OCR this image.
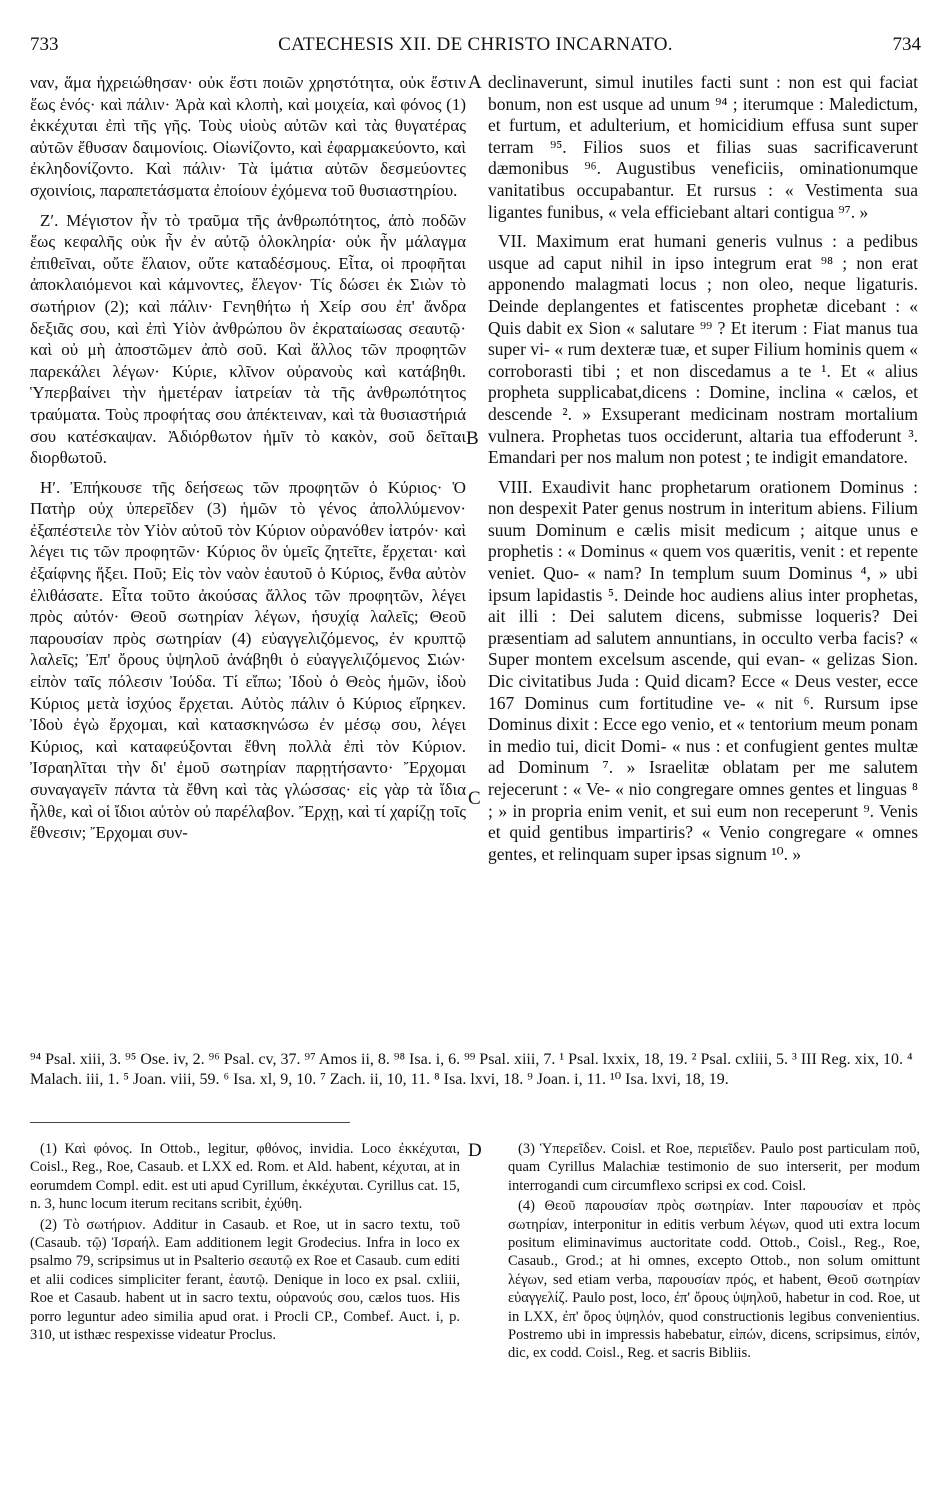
733	CATECHESIS XII. DE CHRISTO INCARNATO.	734
A
B
C
D

ναν, ἅμα ἠχρειώθησαν· οὐκ ἔστι ποιῶν χρηστότητα, οὐκ ἔστιν ἕως ἑνός· καὶ πάλιν· Ἀρὰ καὶ κλοπὴ, καὶ μοιχεία, καὶ φόνος (1) ἐκκέχυται ἐπὶ τῆς γῆς. Τοὺς υἱοὺς αὐτῶν καὶ τὰς θυγατέρας αὐτῶν ἔθυσαν δαιμονίοις. Οἰωνίζοντο, καὶ ἐφαρμακεύοντο, καὶ ἐκληδονίζοντο. Καὶ πάλιν· Τὰ ἱμάτια αὐτῶν δεσμεύοντες σχοινίοις, παραπετάσματα ἐποίουν ἐχόμενα τοῦ θυσιαστηρίου.

Ζʹ. Μέγιστον ἦν τὸ τραῦμα τῆς ἀνθρωπότητος, ἀπὸ ποδῶν ἕως κεφαλῆς οὐκ ἦν ἐν αὐτῷ ὁλοκληρία· οὐκ ἦν μάλαγμα ἐπιθεῖναι, οὔτε ἔλαιον, οὔτε καταδέσμους. Εἶτα, οἱ προφῆται ἀποκλαιόμενοι καὶ κάμνοντες, ἔλεγον· Τίς δώσει ἐκ Σιὼν τὸ σωτήριον (2); καὶ πάλιν· Γενηθήτω ἡ Χείρ σου ἐπ' ἄνδρα δεξιᾶς σου, καὶ ἐπὶ Υἱὸν ἀνθρώπου ὃν ἐκραταίωσας σεαυτῷ· καὶ οὐ μὴ ἀποστῶμεν ἀπὸ σοῦ. Καὶ ἄλλος τῶν προφητῶν παρεκάλει λέγων· Κύριε, κλῖνον οὐρανοὺς καὶ κατάβηθι. Ὑπερβαίνει τὴν ἡμετέραν ἰατρείαν τὰ τῆς ἀνθρωπότητος τραύματα. Τοὺς προφήτας σου ἀπέκτειναν, καὶ τὰ θυσιαστήριά σου κατέσκαψαν. Ἀδιόρθωτον ἡμῖν τὸ κακὸν, σοῦ δεῖται διορθωτοῦ.

Ηʹ. Ἐπήκουσε τῆς δεήσεως τῶν προφητῶν ὁ Κύριος· Ὁ Πατὴρ οὐχ ὑπερεῖδεν (3) ἡμῶν τὸ γένος ἀπολλύμενον· ἐξαπέστειλε τὸν Υἱὸν αὐτοῦ τὸν Κύριον οὐρανόθεν ἰατρόν· καὶ λέγει τις τῶν προφητῶν· Κύριος ὃν ὑμεῖς ζητεῖτε, ἔρχεται· καὶ ἐξαίφνης ἥξει. Ποῦ; Εἰς τὸν ναὸν ἑαυτοῦ ὁ Κύριος, ἔνθα αὐτὸν ἐλιθάσατε. Εἶτα τοῦτο ἀκούσας ἄλλος τῶν προφητῶν, λέγει πρὸς αὐτόν· Θεοῦ σωτηρίαν λέγων, ἡσυχίᾳ λαλεῖς; Θεοῦ παρουσίαν πρὸς σωτηρίαν (4) εὐαγγελιζόμενος, ἐν κρυπτῷ λαλεῖς; Ἐπ' ὄρους ὑψηλοῦ ἀνάβηθι ὁ εὐαγγελιζόμενος Σιών· εἰπὸν ταῖς πόλεσιν Ἰούδα. Τί εἴπω; Ἰδοὺ ὁ Θεὸς ἡμῶν, ἰδοὺ Κύριος μετὰ ἰσχύος ἔρχεται. Αὐτὸς πάλιν ὁ Κύριος εἴρηκεν. Ἰδοὺ ἐγὼ ἔρχομαι, καὶ κατασκηνώσω ἐν μέσῳ σου, λέγει Κύριος, καὶ καταφεύξονται ἔθνη πολλὰ ἐπὶ τὸν Κύριον. Ἰσραηλῖται τὴν δι' ἐμοῦ σωτηρίαν παρῃτήσαντο· Ἔρχομαι συναγαγεῖν πάντα τὰ ἔθνη καὶ τὰς γλώσσας· εἰς γὰρ τὰ ἴδια ἦλθε, καὶ οἱ ἴδιοι αὐτὸν οὐ παρέλαβον. Ἔρχῃ, καὶ τί χαρίζῃ τοῖς ἔθνεσιν; Ἔρχομαι συν-

declinaverunt, simul inutiles facti sunt : non est qui faciat bonum, non est usque ad unum ⁹⁴ ; iterumque : Maledictum, et furtum, et adulterium, et homicidium effusa sunt super terram ⁹⁵. Filios suos et filias suas sacrificaverunt dæmonibus ⁹⁶. Augustibus veneficiis, ominationumque vanitatibus occupabantur. Et rursus : « Vestimenta sua ligantes funibus, « vela efficiebant altari contigua ⁹⁷. »

VII. Maximum erat humani generis vulnus : a pedibus usque ad caput nihil in ipso integrum erat ⁹⁸ ; non erat apponendo malagmati locus ; non oleo, neque ligaturis. Deinde deplangentes et fatiscentes prophetæ dicebant : « Quis dabit ex Sion « salutare ⁹⁹ ? Et iterum : Fiat manus tua super vi- « rum dexteræ tuæ, et super Filium hominis quem « corroborasti tibi ; et non discedamus a te ¹. Et « alius propheta supplicabat,dicens : Domine, inclina « cælos, et descende ². » Exsuperant medicinam nostram mortalium vulnera. Prophetas tuos occiderunt, altaria tua effoderunt ³. Emandari per nos malum non potest ; te indigit emandatore.

VIII. Exaudivit hanc prophetarum orationem Dominus : non despexit Pater genus nostrum in interitum abiens. Filium suum Dominum e cælis misit medicum ; aitque unus e prophetis : « Dominus « quem vos quæritis, venit : et repente veniet. Quo- « nam? In templum suum Dominus ⁴, » ubi ipsum lapidastis ⁵. Deinde hoc audiens alius inter prophetas, ait illi : Dei salutem dicens, submisse loqueris? Dei præsentiam ad salutem annuntians, in occulto verba facis? « Super montem excelsum ascende, qui evan- « gelizas Sion. Dic civitatibus Juda : Quid dicam? Ecce « Deus vester, ecce 167 Dominus cum fortitudine ve- « nit ⁶. Rursum ipse Dominus dixit : Ecce ego venio, et « tentorium meum ponam in medio tui, dicit Domi- « nus : et confugient gentes multæ ad Dominum ⁷. » Israelitæ oblatam per me salutem rejecerunt : « Ve- « nio congregare omnes gentes et linguas ⁸ ; » in propria enim venit, et sui eum non receperunt ⁹. Venis et quid gentibus impartiris? « Venio congregare « omnes gentes, et relinquam super ipsas signum ¹⁰. »

⁹⁴ Psal. xiii, 3. ⁹⁵ Ose. iv, 2. ⁹⁶ Psal. cv, 37. ⁹⁷ Amos ii, 8. ⁹⁸ Isa. i, 6. ⁹⁹ Psal. xiii, 7. ¹ Psal. lxxix, 18, 19. ² Psal. cxliii, 5. ³ III Reg. xix, 10. ⁴ Malach. iii, 1. ⁵ Joan. viii, 59. ⁶ Isa. xl, 9, 10. ⁷ Zach. ii, 10, 11. ⁸ Isa. lxvi, 18. ⁹ Joan. i, 11. ¹⁰ Isa. lxvi, 18, 19.

(1) Καὶ φόνος. In Ottob., legitur, φθόνος, invidia. Loco ἐκκέχυται, Coisl., Reg., Roe, Casaub. et LXX ed. Rom. et Ald. habent, κέχυται, at in eorumdem Compl. edit. est uti apud Cyrillum, ἐκκέχυται. Cyrillus cat. 15, n. 3, hunc locum iterum recitans scribit, ἐχύθη.

(2) Τὸ σωτήριον. Additur in Casaub. et Roe, ut in sacro textu, τοῦ (Casaub. τῷ) Ἰσραήλ. Eam additionem legit Grodecius. Infra in loco ex psalmo 79, scripsimus ut in Psalterio σεαυτῷ ex Roe et Casaub. cum editi et alii codices simpliciter ferant, ἑαυτῷ. Denique in loco ex psal. cxliii, Roe et Casaub. habent ut in sacro textu, οὐρανούς σου, cælos tuos. His porro leguntur adeo similia apud orat. i Procli CP., Combef. Auct. i, p. 310, ut isthæc respexisse videatur Proclus.

(3) Ὑπερεῖδεν. Coisl. et Roe, περιεῖδεν. Paulo post particulam ποῦ, quam Cyrillus Malachiæ testimonio de suo interserit, per modum interrogandi cum circumflexo scripsi ex cod. Coisl.

(4) Θεοῦ παρουσίαν πρὸς σωτηρίαν. Inter παρουσίαν et πρὸς σωτηρίαν, interponitur in editis verbum λέγων, quod uti extra locum positum eliminavimus auctoritate codd. Ottob., Coisl., Reg., Roe, Casaub., Grod.; at hi omnes, excepto Ottob., non solum omittunt λέγων, sed etiam verba, παρουσίαν πρός, et habent, Θεοῦ σωτηρίαν εὐαγγελίζ. Paulo post, loco, ἐπ' ὄρους ὑψηλοῦ, habetur in cod. Roe, ut in LXX, ἐπ' ὄρος ὑψηλόν, quod constructionis legibus convenientius. Postremo ubi in impressis habebatur, εἰπών, dicens, scripsimus, εἰπόν, dic, ex codd. Coisl., Reg. et sacris Bibliis.
